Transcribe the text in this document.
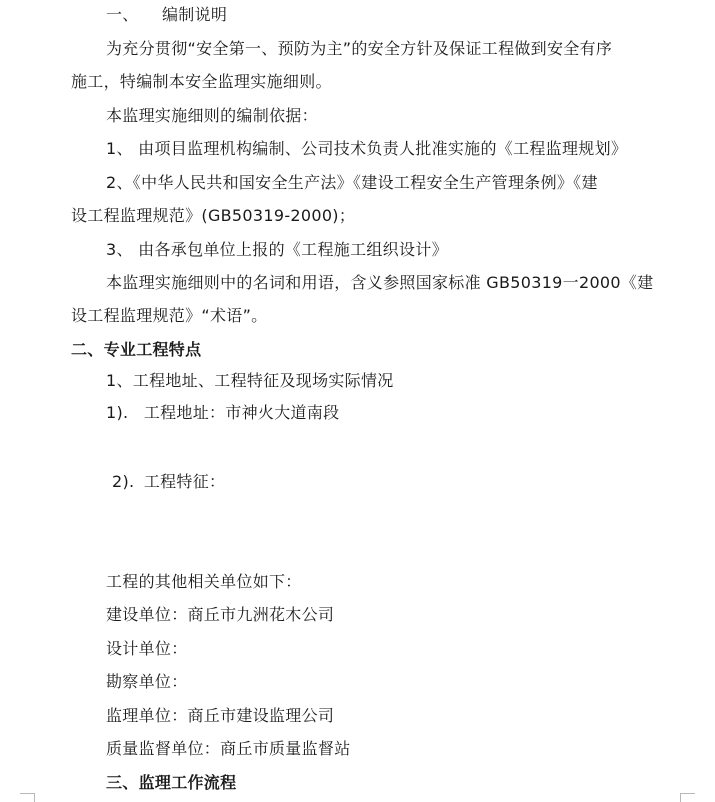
一、 编制说明
为充分贯彻“安全第一、预防为主”的安全方针及保证工程做到安全有序
施工，特编制本安全监理实施细则。
本监理实施细则的编制依据：
1、 由项目监理机构编制、公司技术负责人批准实施的《工程监理规划》
2、《中华人民共和国安全生产法》《建设工程安全生产管理条例》《建
设工程监理规范》(GB50319-2000)；
3、 由各承包单位上报的《工程施工组织设计》
本监理实施细则中的名词和用语，含义参照国家标准 GB50319一2000《建
设工程监理规范》“术语”。
二、专业工程特点
1、工程地址、工程特征及现场实际情况
1). 工程地址：市神火大道南段
2). 工程特征：
工程的其他相关单位如下：
建设单位：商丘市九洲花木公司
设计单位：
勘察单位：
监理单位：商丘市建设监理公司
质量监督单位：商丘市质量监督站
三、监理工作流程
